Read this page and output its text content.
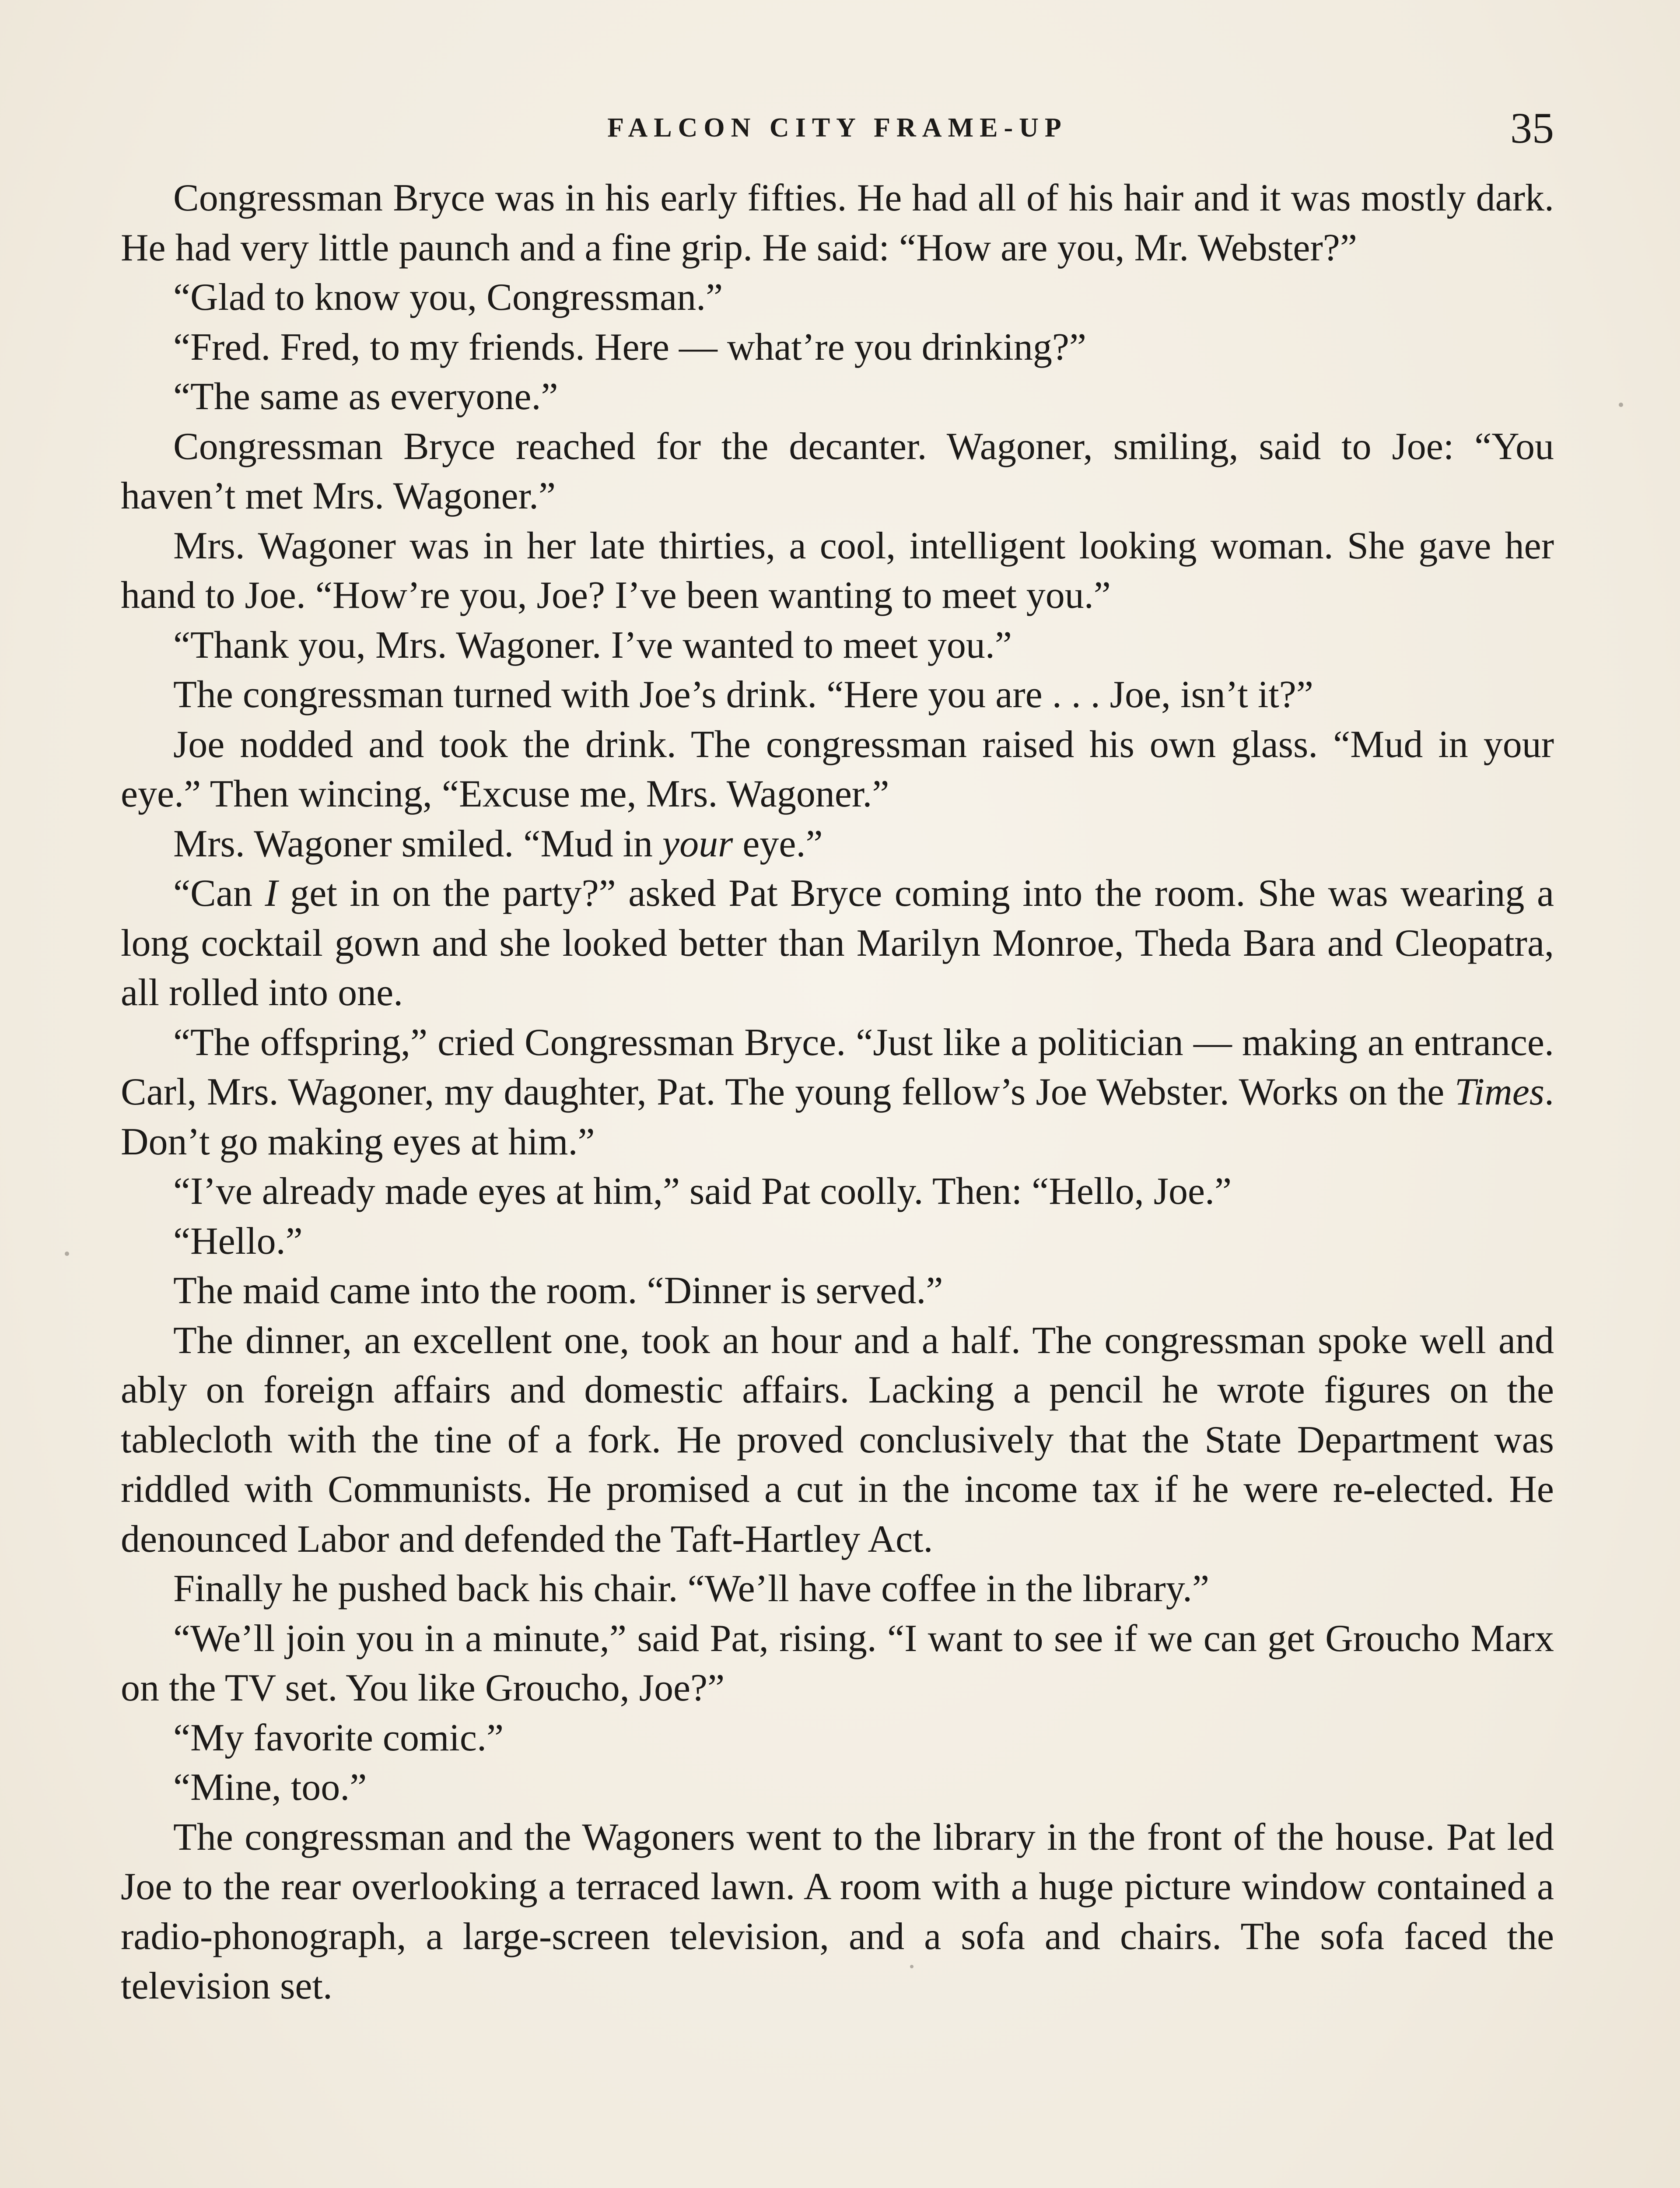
FALCON CITY FRAME-UP	35

Congressman Bryce was in his early fifties. He had all of his hair and it was mostly dark. He had very little paunch and a fine grip. He said: “How are you, Mr. Webster?”

“Glad to know you, Congressman.”

“Fred. Fred, to my friends. Here — what’re you drinking?”

“The same as everyone.”

Congressman Bryce reached for the decanter. Wagoner, smiling, said to Joe: “You haven’t met Mrs. Wagoner.”

Mrs. Wagoner was in her late thirties, a cool, intelligent looking woman. She gave her hand to Joe. “How’re you, Joe? I’ve been wanting to meet you.”

“Thank you, Mrs. Wagoner. I’ve wanted to meet you.”

The congressman turned with Joe’s drink. “Here you are . . . Joe, isn’t it?”

Joe nodded and took the drink. The congressman raised his own glass. “Mud in your eye.” Then wincing, “Excuse me, Mrs. Wagoner.”

Mrs. Wagoner smiled. “Mud in your eye.”

“Can I get in on the party?” asked Pat Bryce coming into the room. She was wearing a long cocktail gown and she looked better than Marilyn Monroe, Theda Bara and Cleopatra, all rolled into one.

“The offspring,” cried Congressman Bryce. “Just like a politician — making an entrance. Carl, Mrs. Wagoner, my daughter, Pat. The young fellow’s Joe Webster. Works on the Times. Don’t go making eyes at him.”

“I’ve already made eyes at him,” said Pat coolly. Then: “Hello, Joe.”

“Hello.”

The maid came into the room. “Dinner is served.”

The dinner, an excellent one, took an hour and a half. The congressman spoke well and ably on foreign affairs and domestic affairs. Lacking a pencil he wrote figures on the tablecloth with the tine of a fork. He proved conclusively that the State Department was riddled with Communists. He promised a cut in the income tax if he were re-elected. He denounced Labor and defended the Taft-Hartley Act.

Finally he pushed back his chair. “We’ll have coffee in the library.”

“We’ll join you in a minute,” said Pat, rising. “I want to see if we can get Groucho Marx on the TV set. You like Groucho, Joe?”

“My favorite comic.”

“Mine, too.”

The congressman and the Wagoners went to the library in the front of the house. Pat led Joe to the rear overlooking a terraced lawn. A room with a huge picture window contained a radio-phonograph, a large-screen television, and a sofa and chairs. The sofa faced the television set.
